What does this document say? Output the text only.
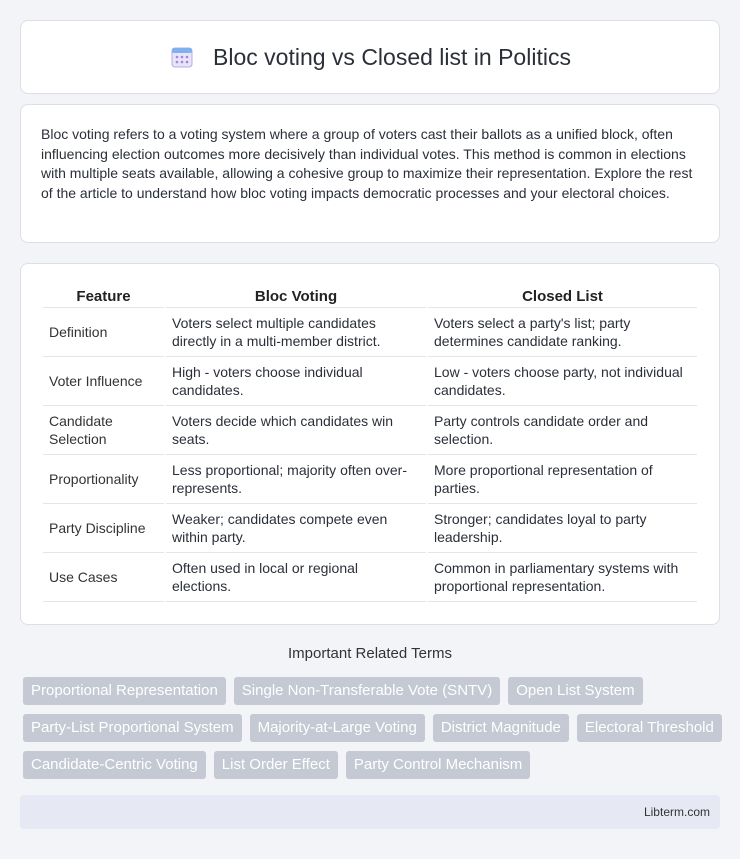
Bloc voting vs Closed list in Politics

Bloc voting refers to a voting system where a group of voters cast their ballots as a unified block, often influencing election outcomes more decisively than individual votes. This method is common in elections with multiple seats available, allowing a cohesive group to maximize their representation. Explore the rest of the article to understand how bloc voting impacts democratic processes and your electoral choices.

Feature	Bloc Voting	Closed List
Definition	Voters select multiple candidates directly in a multi-member district.	Voters select a party's list; party determines candidate ranking.
Voter Influence	High - voters choose individual candidates.	Low - voters choose party, not individual candidates.
Candidate Selection	Voters decide which candidates win seats.	Party controls candidate order and selection.
Proportionality	Less proportional; majority often over-represents.	More proportional representation of parties.
Party Discipline	Weaker; candidates compete even within party.	Stronger; candidates loyal to party leadership.
Use Cases	Often used in local or regional elections.	Common in parliamentary systems with proportional representation.
Important Related Terms
Proportional Representation	Single Non-Transferable Vote (SNTV)	Open List System
Party-List Proportional System	Majority-at-Large Voting	District Magnitude	Electoral Threshold
Candidate-Centric Voting	List Order Effect	Party Control Mechanism
Libterm.com
